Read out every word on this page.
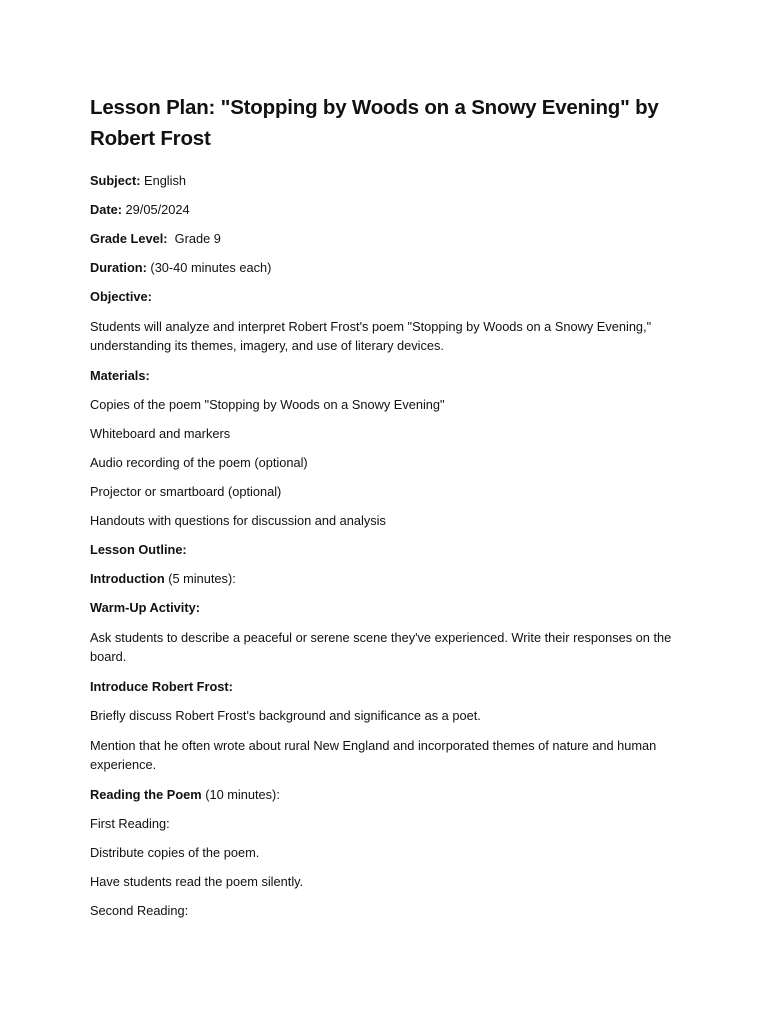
Lesson Plan: "Stopping by Woods on a Snowy Evening" by Robert Frost

Subject: English

Date: 29/05/2024

Grade Level:  Grade 9

Duration: (30-40 minutes each)

Objective:

Students will analyze and interpret Robert Frost's poem "Stopping by Woods on a Snowy Evening," understanding its themes, imagery, and use of literary devices.

Materials:

Copies of the poem "Stopping by Woods on a Snowy Evening"

Whiteboard and markers

Audio recording of the poem (optional)

Projector or smartboard (optional)

Handouts with questions for discussion and analysis

Lesson Outline:

Introduction (5 minutes):

Warm-Up Activity:

Ask students to describe a peaceful or serene scene they've experienced. Write their responses on the board.

Introduce Robert Frost:

Briefly discuss Robert Frost's background and significance as a poet.

Mention that he often wrote about rural New England and incorporated themes of nature and human experience.

Reading the Poem (10 minutes):

First Reading:

Distribute copies of the poem.

Have students read the poem silently.

Second Reading:
